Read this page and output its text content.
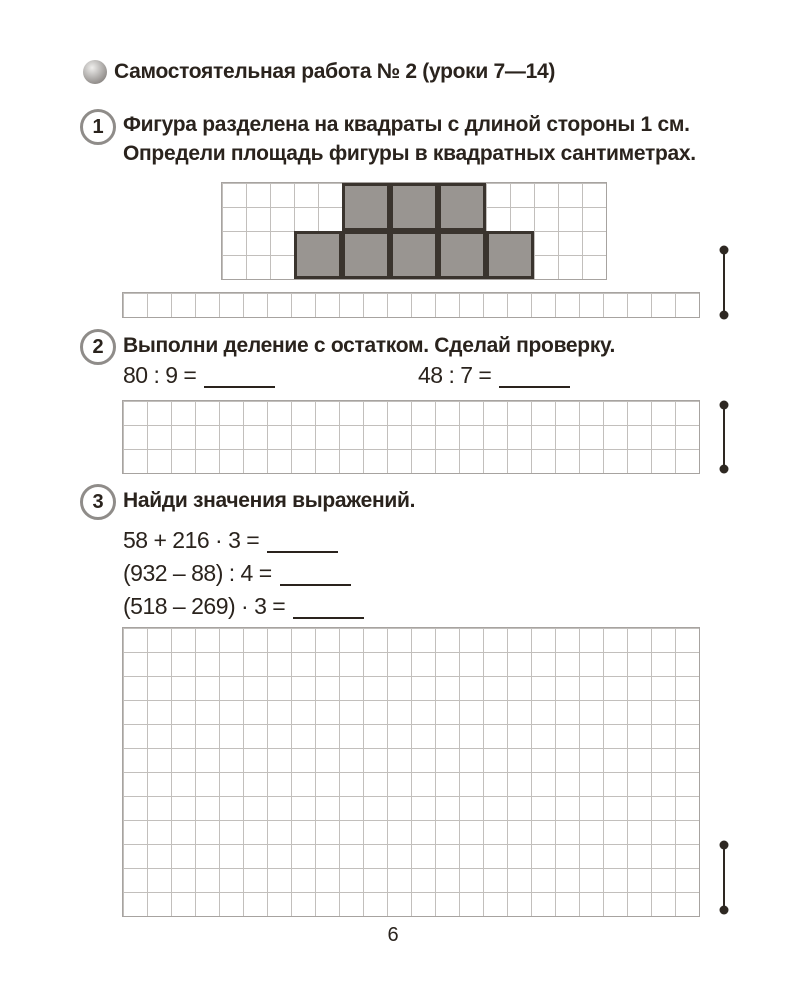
Самостоятельная работа № 2 (уроки 7—14)
1 Фигура разделена на квадраты с длиной стороны 1 см.
Определи площадь фигуры в квадратных сантиметрах.
2 Выполни деление с остатком. Сделай проверку.
80 : 9 =	48 : 7 =
3 Найди значения выражений.
58 + 216 · 3 =
(932 – 88) : 4 =
(518 – 269) · 3 =
6
